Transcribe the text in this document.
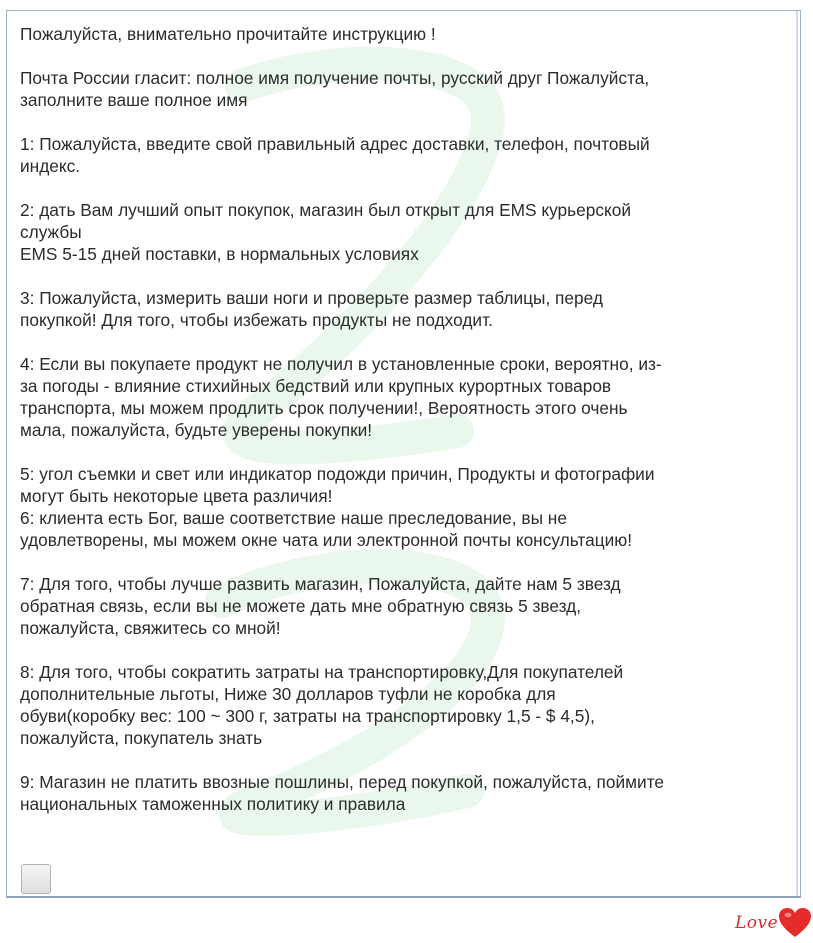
Пожалуйста, внимательно прочитайте инструкцию !
Почта России гласит: полное имя получение почты, русский друг Пожалуйста,
заполните ваше полное имя
1: Пожалуйста, введите свой правильный адрес доставки, телефон, почтовый
индекс.
2: дать Вам лучший опыт покупок, магазин был открыт для EMS курьерской
службы
EMS 5-15 дней поставки, в нормальных условиях
3: Пожалуйста, измерить ваши ноги и проверьте размер таблицы, перед
покупкой! Для того, чтобы избежать продукты не подходит.
4: Если вы покупаете продукт не получил в установленные сроки, вероятно, из-
за погоды - влияние стихийных бедствий или крупных курортных товаров
транспорта, мы можем продлить срок получении!, Вероятность этого очень
мала, пожалуйста, будьте уверены покупки!
5: угол съемки и свет или индикатор подожди причин, Продукты и фотографии
могут быть некоторые цвета различия!
6: клиента есть Бог, ваше соответствие наше преследование, вы не
удовлетворены, мы можем окне чата или электронной почты консультацию!
7: Для того, чтобы лучше развить магазин, Пожалуйста, дайте нам 5 звезд
обратная связь, если вы не можете дать мне обратную связь 5 звезд,
пожалуйста, свяжитесь со мной!
8: Для того, чтобы сократить затраты на транспортировку,Для покупателей
дополнительные льготы, Ниже 30 долларов туфли не коробка для
обуви(коробку вес: 100 ~ 300 г, затраты на транспортировку 1,5 - $ 4,5),
пожалуйста, покупатель знать
9: Магазин не платить ввозные пошлины, перед покупкой, пожалуйста, поймите
национальных таможенных политику и правила
Love
